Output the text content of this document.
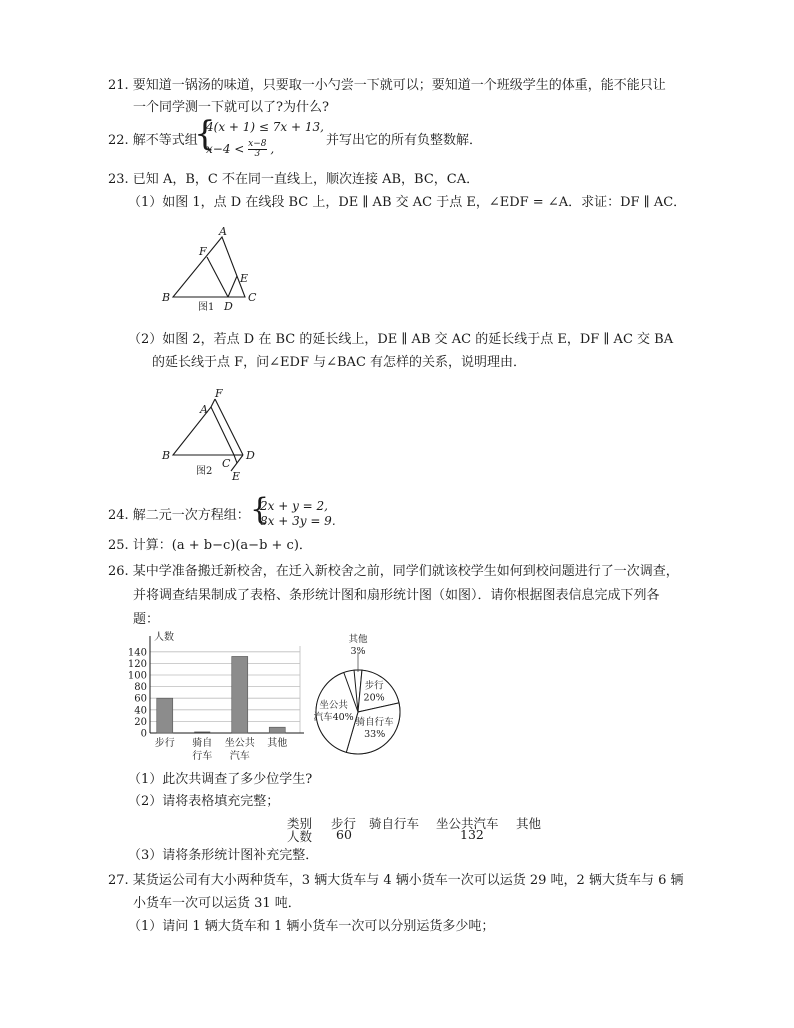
21. 要知道一锅汤的味道，只要取一小勺尝一下就可以；要知道一个班级学生的体重，能不能只让
一个同学测一下就可以了?为什么?
22. 解不等式组
{
4(x + 1) ≤ 7x + 13,
$x-4 < \frac{x-8}{3}$ ,
并写出它的所有负整数解．
23. 已知 A，B，C 不在同一直线上，顺次连接 AB，BC，CA．
（1）如图 1，点 D 在线段 BC 上，DE ∥ AB 交 AC 于点 E，∠EDF = ∠A．求证：DF ∥ AC．
A
B	C
D
E
F
图1
（2）如图 2，若点 D 在 BC 的延长线上，DE ∥ AB 交 AC 的延长线于点 E，DF ∥ AC 交 BA
的延长线于点 F，问∠EDF 与∠BAC 有怎样的关系，说明理由．
A
F
B
C
D
E
图2
24. 解二元一次方程组： {
2x + y = 2,
8x + 3y = 9.
25. 计算：(a + b−c)(a−b + c)．
26. 某中学准备搬迁新校舍，在迁入新校舍之前，同学们就该校学生如何到校问题进行了一次调查，
并将调查结果制成了表格、条形统计图和扇形统计图（如图）．请你根据图表信息完成下列各
题：
0
20
40
60
80
100
120
140
人数
步行 骑自
行车
坐公共
汽车
其他
其他
3%
步行
20%
骑自行车
33%
坐公共
汽车40%
（1）此次共调查了多少位学生?
（2）请将表格填充完整；
类别 步行 骑自行车 坐公共汽车 其他
人数 60	132
（3）请将条形统计图补充完整．
27. 某货运公司有大小两种货车，3 辆大货车与 4 辆小货车一次可以运货 29 吨，2 辆大货车与 6 辆
小货车一次可以运货 31 吨．
（1）请问 1 辆大货车和 1 辆小货车一次可以分别运货多少吨；
